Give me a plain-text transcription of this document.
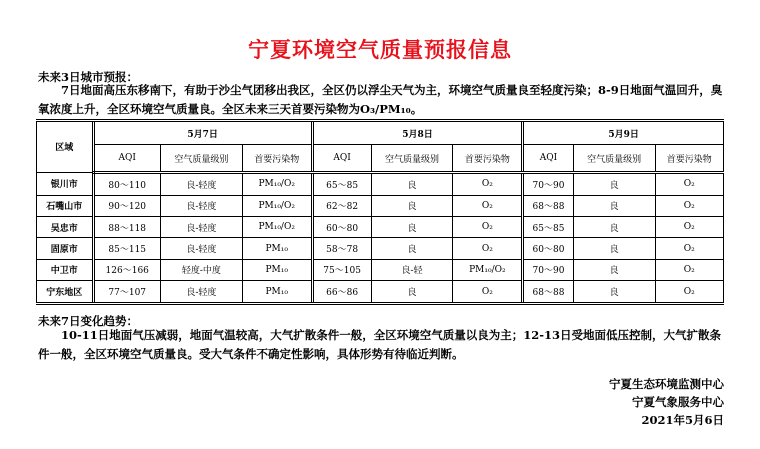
宁夏环境空气质量预报信息
未来3日城市预报：

7日地面高压东移南下，有助于沙尘气团移出我区，全区仍以浮尘天气为主，环境空气质量良至轻度污染；8-9日地面气温回升，臭氧浓度上升，全区环境空气质量良。全区未来三天首要污染物为O₃/PM₁₀。

区域	5月7日			5月8日			5月9日		
	AQI	空气质量级别	首要污染物	AQI	空气质量级别	首要污染物	AQI	空气质量级别	首要污染物
银川市	80～110	良-轻度	PM₁₀/O₂	65～85	良	O₂	70～90	良	O₂
石嘴山市	90～120	良-轻度	PM₁₀/O₂	62～82	良	O₂	68～88	良	O₂
吴忠市	88～118	良-轻度	PM₁₀/O₂	60～80	良	O₂	65～85	良	O₂
固原市	85～115	良-轻度	PM₁₀	58～78	良	O₂	60～80	良	O₂
中卫市	126～166	轻度-中度	PM₁₀	75～105	良-轻	PM₁₀/O₂	70～90	良	O₂
宁东地区	77～107	良-轻度	PM₁₀	66～86	良	O₂	68～88	良	O₂
未来7日变化趋势：

10-11日地面气压减弱，地面气温较高，大气扩散条件一般，全区环境空气质量以良为主；12-13日受地面低压控制，大气扩散条件一般，全区环境空气质量良。受大气条件不确定性影响，具体形势有待临近判断。

宁夏生态环境监测中心
宁夏气象服务中心
2021年5月6日
